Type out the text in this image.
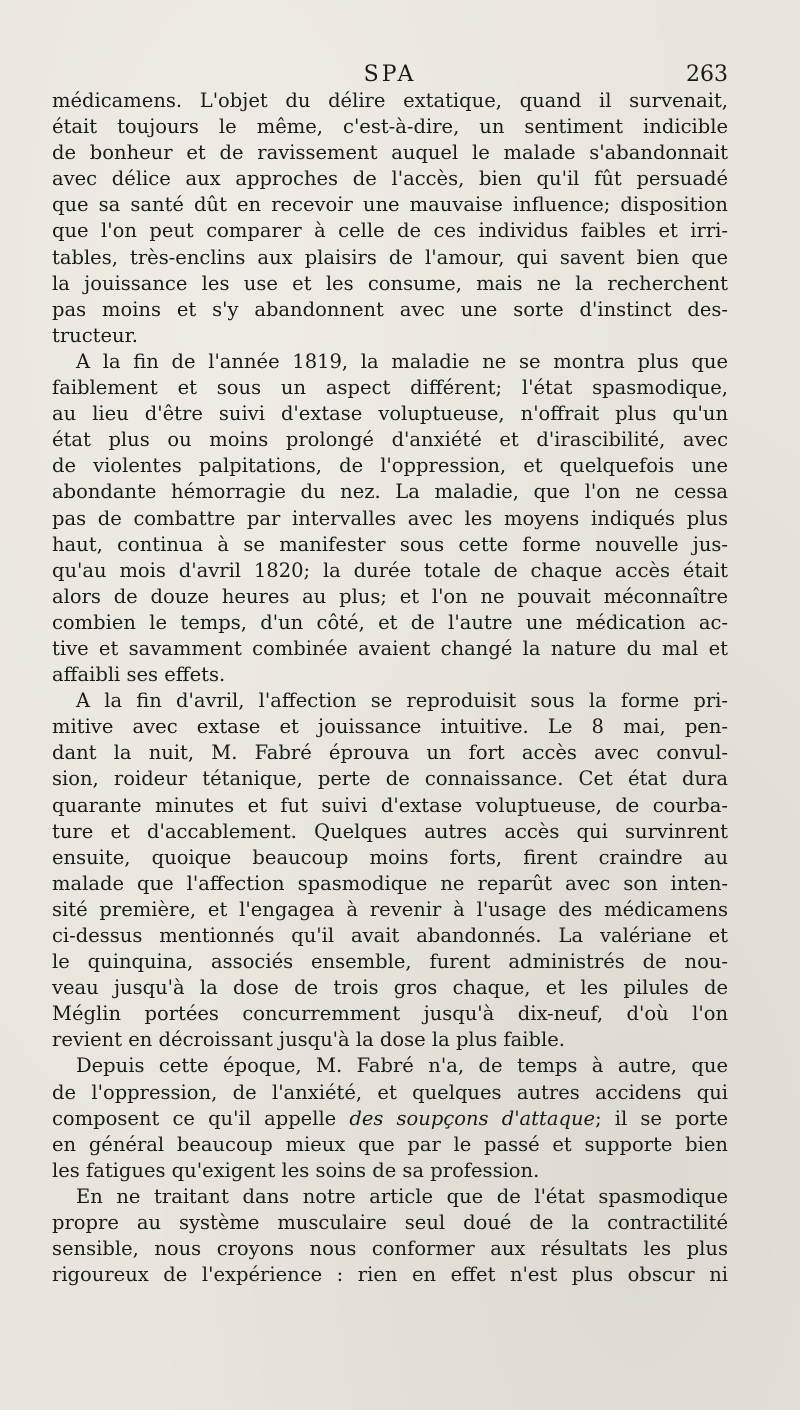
SPA	263
médicamens. L'objet du délire extatique, quand il survenait,
était toujours le même, c'est-à-dire, un sentiment indicible
de bonheur et de ravissement auquel le malade s'abandonnait
avec délice aux approches de l'accès, bien qu'il fût persuadé
que sa santé dût en recevoir une mauvaise influence; disposition
que l'on peut comparer à celle de ces individus faibles et irri-
tables, très-enclins aux plaisirs de l'amour, qui savent bien que
la jouissance les use et les consume, mais ne la recherchent
pas moins et s'y abandonnent avec une sorte d'instinct des-
tructeur.
A la fin de l'année 1819, la maladie ne se montra plus que
faiblement et sous un aspect différent; l'état spasmodique,
au lieu d'être suivi d'extase voluptueuse, n'offrait plus qu'un
état plus ou moins prolongé d'anxiété et d'irascibilité, avec
de violentes palpitations, de l'oppression, et quelquefois une
abondante hémorragie du nez. La maladie, que l'on ne cessa
pas de combattre par intervalles avec les moyens indiqués plus
haut, continua à se manifester sous cette forme nouvelle jus-
qu'au mois d'avril 1820; la durée totale de chaque accès était
alors de douze heures au plus; et l'on ne pouvait méconnaître
combien le temps, d'un côté, et de l'autre une médication ac-
tive et savamment combinée avaient changé la nature du mal et
affaibli ses effets.
A la fin d'avril, l'affection se reproduisit sous la forme pri-
mitive avec extase et jouissance intuitive. Le 8 mai, pen-
dant la nuit, M. Fabré éprouva un fort accès avec convul-
sion, roideur tétanique, perte de connaissance. Cet état dura
quarante minutes et fut suivi d'extase voluptueuse, de courba-
ture et d'accablement. Quelques autres accès qui survinrent
ensuite, quoique beaucoup moins forts, firent craindre au
malade que l'affection spasmodique ne reparût avec son inten-
sité première, et l'engagea à revenir à l'usage des médicamens
ci-dessus mentionnés qu'il avait abandonnés. La valériane et
le quinquina, associés ensemble, furent administrés de nou-
veau jusqu'à la dose de trois gros chaque, et les pilules de
Méglin portées concurremment jusqu'à dix-neuf, d'où l'on
revient en décroissant jusqu'à la dose la plus faible.
Depuis cette époque, M. Fabré n'a, de temps à autre, que
de l'oppression, de l'anxiété, et quelques autres accidens qui
composent ce qu'il appelle des soupçons d'attaque; il se porte
en général beaucoup mieux que par le passé et supporte bien
les fatigues qu'exigent les soins de sa profession.
En ne traitant dans notre article que de l'état spasmodique
propre au système musculaire seul doué de la contractilité
sensible, nous croyons nous conformer aux résultats les plus
rigoureux de l'expérience : rien en effet n'est plus obscur ni
